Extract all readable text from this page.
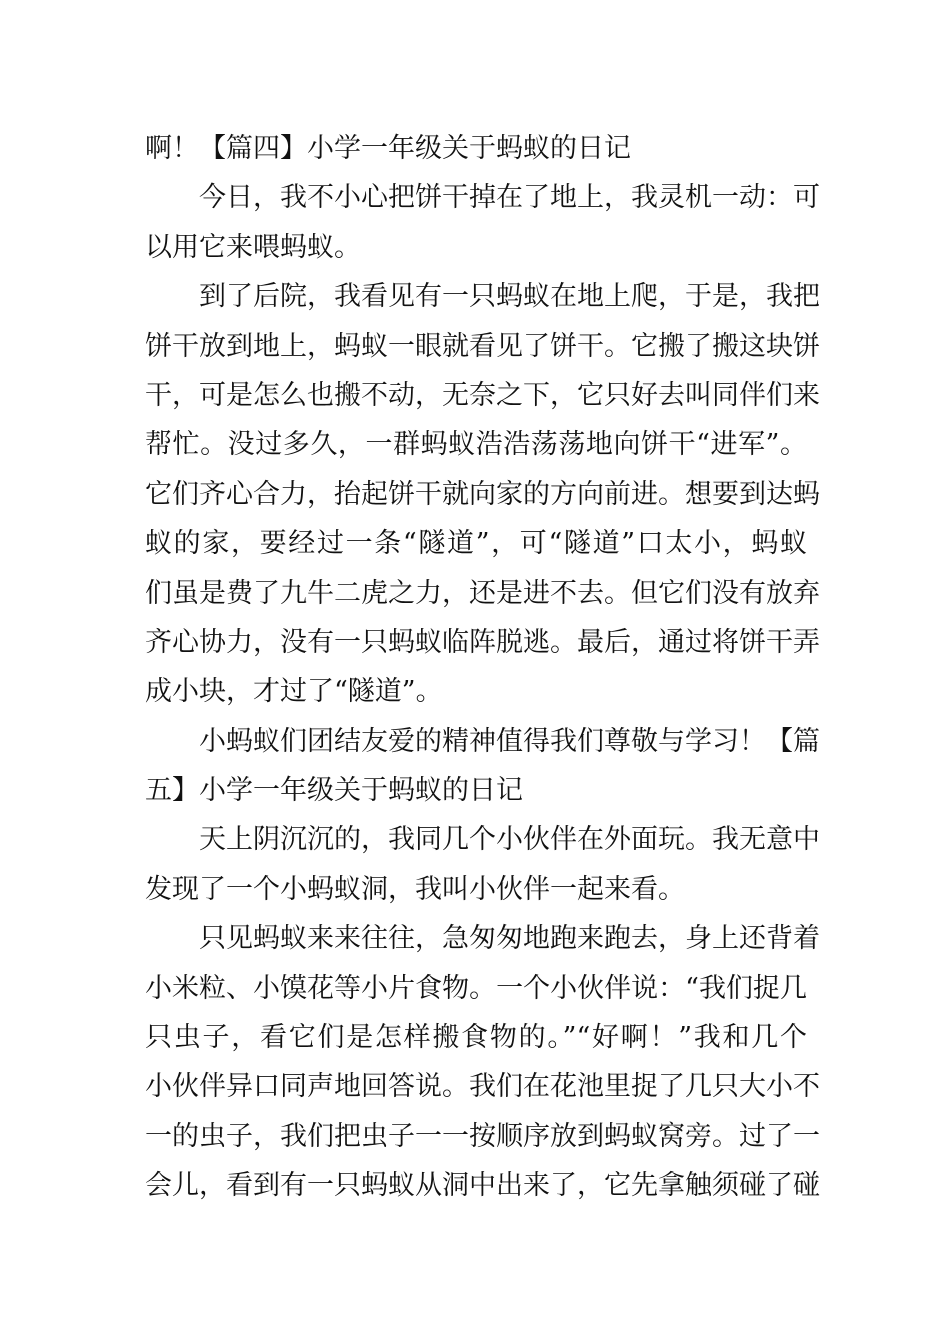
啊！【篇四】小学一年级关于蚂蚁的日记
今日，我不小心把饼干掉在了地上，我灵机一动：可
以用它来喂蚂蚁。
到了后院，我看见有一只蚂蚁在地上爬，于是，我把
饼干放到地上，蚂蚁一眼就看见了饼干。它搬了搬这块饼
干，可是怎么也搬不动，无奈之下，它只好去叫同伴们来
帮忙。没过多久，一群蚂蚁浩浩荡荡地向饼干“进军”。
它们齐心合力，抬起饼干就向家的方向前进。想要到达蚂
蚁的家，要经过一条“隧道”，可“隧道”口太小，蚂蚁
们虽是费了九牛二虎之力，还是进不去。但它们没有放弃
齐心协力，没有一只蚂蚁临阵脱逃。最后，通过将饼干弄
成小块，才过了“隧道”。
小蚂蚁们团结友爱的精神值得我们尊敬与学习！【篇
五】小学一年级关于蚂蚁的日记
天上阴沉沉的，我同几个小伙伴在外面玩。我无意中
发现了一个小蚂蚁洞，我叫小伙伴一起来看。
只见蚂蚁来来往往，急匆匆地跑来跑去，身上还背着
小米粒、小馍花等小片食物。一个小伙伴说：“我们捉几
只虫子，看它们是怎样搬食物的。”“好啊！”我和几个
小伙伴异口同声地回答说。我们在花池里捉了几只大小不
一的虫子，我们把虫子一一按顺序放到蚂蚁窝旁。过了一
会儿，看到有一只蚂蚁从洞中出来了，它先拿触须碰了碰
